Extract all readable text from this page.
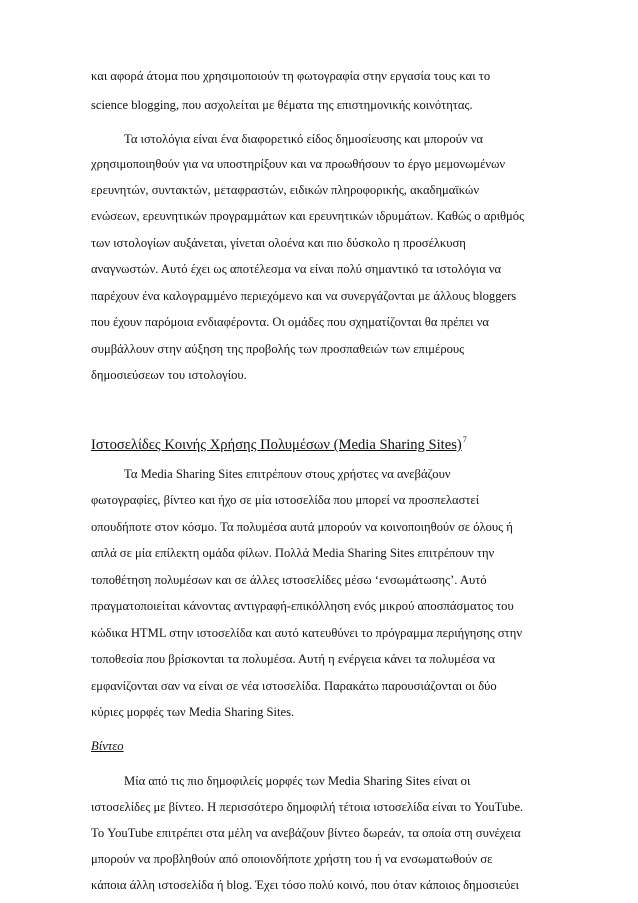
και αφορά άτομα που χρησιμοποιούν τη φωτογραφία στην εργασία τους και το
science blogging, που ασχολείται με θέματα της επιστημονικής κοινότητας.
Τα ιστολόγια είναι ένα διαφορετικό είδος δημοσίευσης και μπορούν να
χρησιμοποιηθούν για να υποστηρίξουν και να προωθήσουν το έργο μεμονωμένων
ερευνητών, συντακτών, μεταφραστών, ειδικών πληροφορικής, ακαδημαϊκών
ενώσεων, ερευνητικών προγραμμάτων και ερευνητικών ιδρυμάτων. Καθώς ο αριθμός
των ιστολογίων αυξάνεται, γίνεται ολοένα και πιο δύσκολο η προσέλκυση
αναγνωστών. Αυτό έχει ως αποτέλεσμα να είναι πολύ σημαντικό τα ιστολόγια να
παρέχουν ένα καλογραμμένο περιεχόμενο και να συνεργάζονται με άλλους bloggers
που έχουν παρόμοια ενδιαφέροντα. Οι ομάδες που σχηματίζονται θα πρέπει να
συμβάλλουν στην αύξηση της προβολής των προσπαθειών των επιμέρους
δημοσιεύσεων του ιστολογίου.
Ιστοσελίδες Κοινής Χρήσης Πολυμέσων (Media Sharing Sites)$^7$
Τα Media Sharing Sites επιτρέπουν στους χρήστες να ανεβάζουν
φωτογραφίες, βίντεο και ήχο σε μία ιστοσελίδα που μπορεί να προσπελαστεί
οπουδήποτε στον κόσμο. Τα πολυμέσα αυτά μπορούν να κοινοποιηθούν σε όλους ή
απλά σε μία επίλεκτη ομάδα φίλων. Πολλά Media Sharing Sites επιτρέπουν την
τοποθέτηση πολυμέσων και σε άλλες ιστοσελίδες μέσω ‘ενσωμάτωσης’. Αυτό
πραγματοποιείται κάνοντας αντιγραφή-επικόλληση ενός μικρού αποσπάσματος του
κώδικα HTML στην ιστοσελίδα και αυτό κατευθύνει το πρόγραμμα περιήγησης στην
τοποθεσία που βρίσκονται τα πολυμέσα. Αυτή η ενέργεια κάνει τα πολυμέσα να
εμφανίζονται σαν να είναι σε νέα ιστοσελίδα. Παρακάτω παρουσιάζονται οι δύο
κύριες μορφές των Media Sharing Sites.
Βίντεο
Μία από τις πιο δημοφιλείς μορφές των Media Sharing Sites είναι οι
ιστοσελίδες με βίντεο. Η περισσότερο δημοφιλή τέτοια ιστοσελίδα είναι το YouTube.
Το YouTube επιτρέπει στα μέλη να ανεβάζουν βίντεο δωρεάν, τα οποία στη συνέχεια
μπορούν να προβληθούν από οποιονδήποτε χρήστη του ή να ενσωματωθούν σε
κάποια άλλη ιστοσελίδα ή blog. Έχει τόσο πολύ κοινό, που όταν κάποιος δημοσιεύει
